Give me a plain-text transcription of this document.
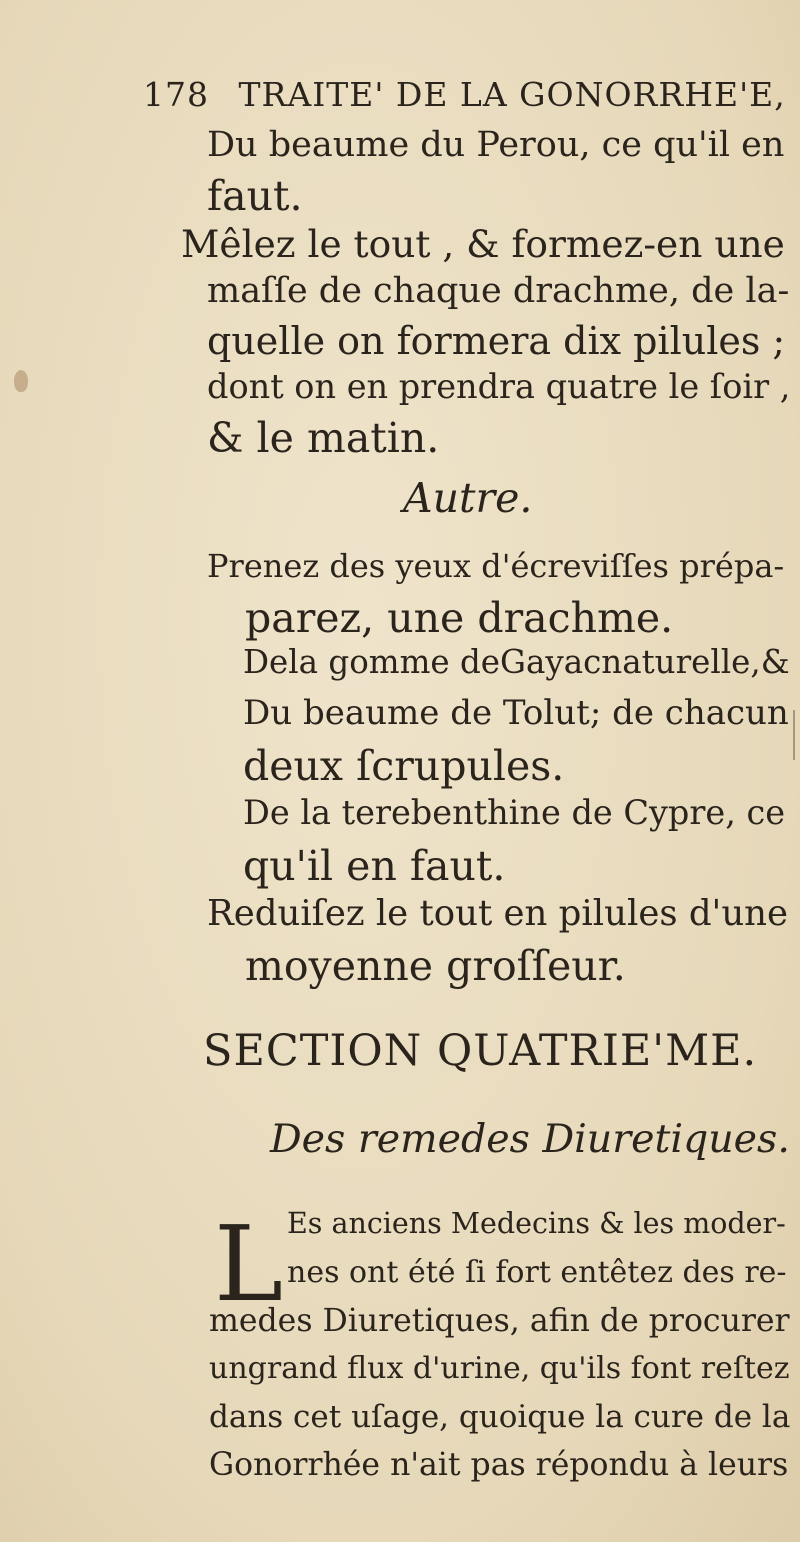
178 TRAITE' DE LA GONORRHE'E,
Du beaume du Perou, ce qu'il en
faut.
Mêlez le tout , & formez-en une
maſſe de chaque drachme, de la-
quelle on formera dix pilules ;
dont on en prendra quatre le ſoir ,
& le matin.
Autre.
Prenez des yeux d'écreviſſes prépa-
parez, une drachme.
Dela gomme deGayacnaturelle,&
Du beaume de Tolut; de chacun
deux ſcrupules.
De la terebenthine de Cypre, ce
qu'il en faut.
Reduiſez le tout en pilules d'une
moyenne groſſeur.
SECTION QUATRIE'ME.
Des remedes Diuretiques.
L Es anciens Medecins & les moder-
nes ont été ſi fort entêtez des re-
medes Diuretiques, afin de procurer
ungrand flux d'urine, qu'ils font reſtez
dans cet uſage, quoique la cure de la
Gonorrhée n'ait pas répondu à leurs
